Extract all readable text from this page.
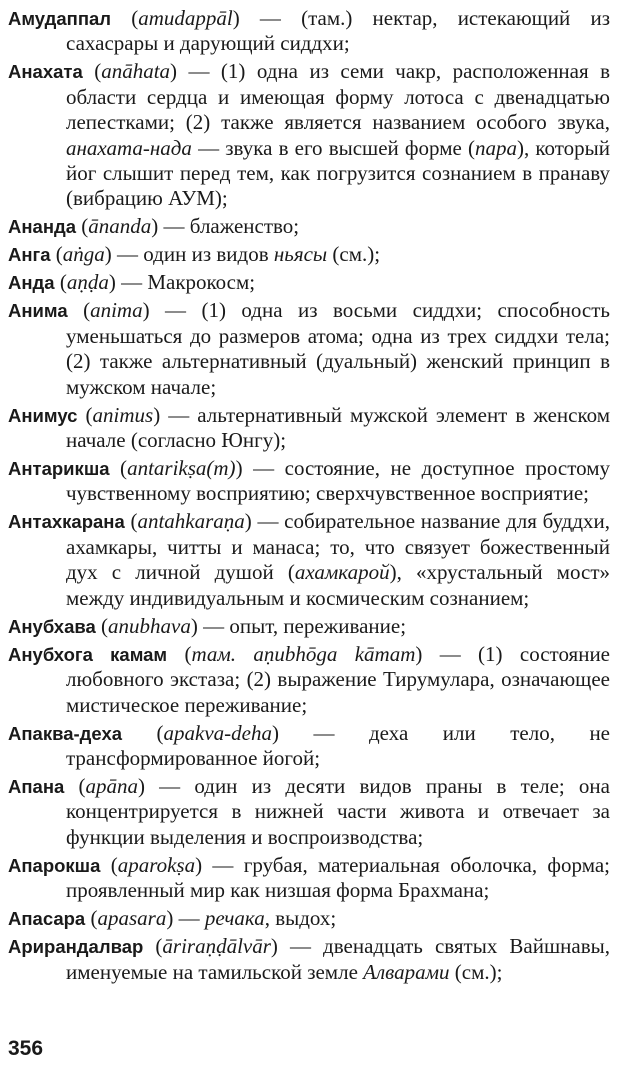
Амудаппал (amudappāl) — (там.) нектар, истекающий из сахасрары и дарующий сиддхи;

Анахата (anāhata) — (1) одна из семи чакр, расположенная в области сердца и имеющая форму лотоса с двенадцатью лепестками; (2) также является названием особого звука, анахата-нада — звука в его высшей форме (пара), который йог слышит перед тем, как погрузится сознанием в пранаву (вибрацию АУМ);

Ананда (ānanda) — блаженство;

Анга (aṅga) — один из видов ньясы (см.);

Анда (aṇḍa) — Макрокосм;

Анима (anima) — (1) одна из восьми сиддхи; способность уменьшаться до размеров атома; одна из трех сиддхи тела; (2) также альтернативный (дуальный) женский принцип в мужском начале;

Анимус (animus) — альтернативный мужской элемент в женском начале (согласно Юнгу);

Антарикша (antarikṣa(m)) — состояние, не доступное простому чувственному восприятию; сверхчувственное восприятие;

Антахкарана (antahkaraṇa) — собирательное название для буддхи, ахамкары, читты и манаса; то, что связует божественный дух с личной душой (ахамкарой), «хрустальный мост» между индивидуальным и космическим сознанием;

Анубхава (anubhava) — опыт, переживание;

Анубхога камам (там. aṇubhōga kāmam) — (1) состояние любовного экстаза; (2) выражение Тирумулара, означающее мистическое переживание;

Апаква-деха (apakva-deha) — деха или тело, не трансформированное йогой;

Апана (apāna) — один из десяти видов праны в теле; она концентрируется в нижней части живота и отвечает за функции выделения и воспроизводства;

Апарокша (aparokṣa) — грубая, материальная оболочка, форма; проявленный мир как низшая форма Брахмана;

Апасара (apasara) — речака, выдох;

Арирандалвар (āriraṇḍālvār) — двенадцать святых Вайшнавы, именуемые на тамильской земле Алварами (см.);

356
